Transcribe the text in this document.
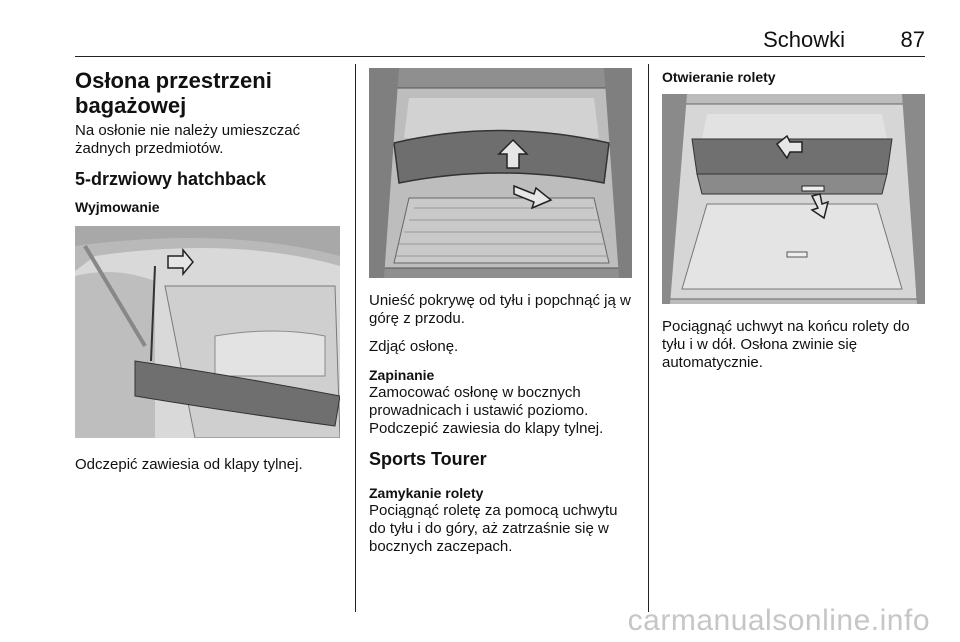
Schowki	87
Osłona przestrzeni bagażowej

Na osłonie nie należy umieszczać żadnych przedmiotów.

5-drzwiowy hatchback
Wyjmowanie

Odczepić zawiesia od klapy tylnej.

Unieść pokrywę od tyłu i popchnąć ją w górę z przodu.

Zdjąć osłonę.

Zapinanie

Zamocować osłonę w bocznych prowadnicach i ustawić poziomo. Podczepić zawiesia do klapy tylnej.

Sports Tourer
Zamykanie rolety

Pociągnąć roletę za pomocą uchwytu do tyłu i do góry, aż zatrzaśnie się w bocznych zaczepach.

Otwieranie rolety

Pociągnąć uchwyt na końcu rolety do tyłu i w dół. Osłona zwinie się automatycznie.

carmanualsonline.info
